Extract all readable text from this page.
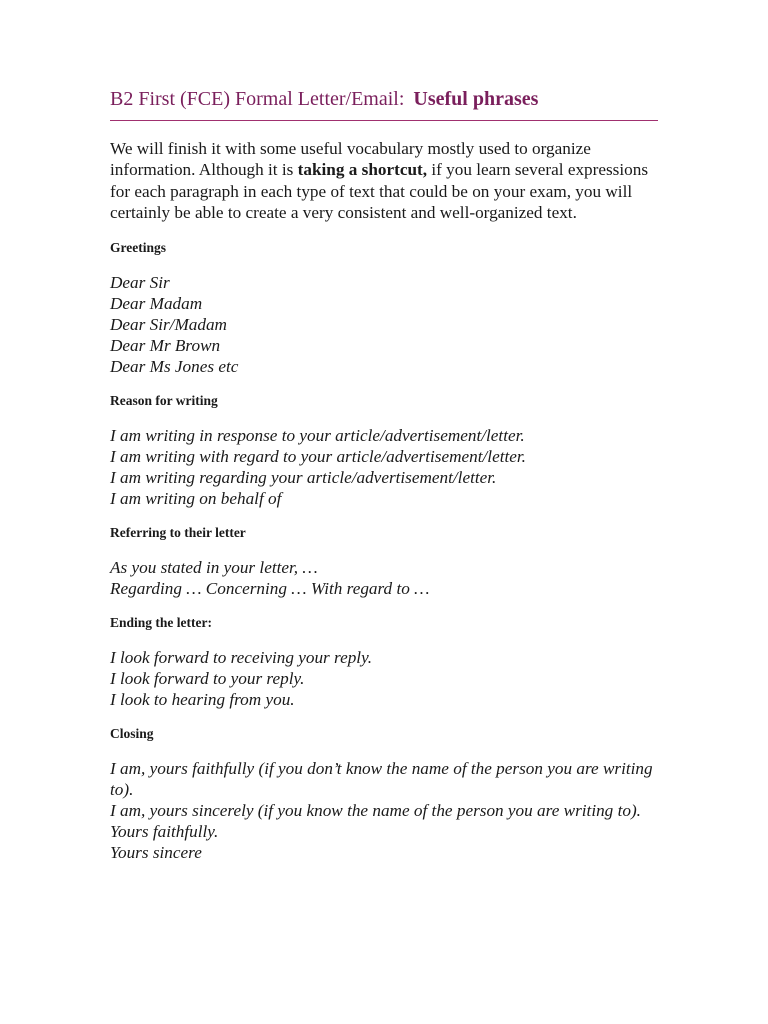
B2 First (FCE) Formal Letter/Email: Useful phrases
We will finish it with some useful vocabulary mostly used to organize information. Although it is taking a shortcut, if you learn several expressions for each paragraph in each type of text that could be on your exam, you will certainly be able to create a very consistent and well-organized text.
Greetings
Dear Sir
Dear Madam
Dear Sir/Madam
Dear Mr Brown
Dear Ms Jones etc
Reason for writing
I am writing in response to your article/advertisement/letter.
I am writing with regard to your article/advertisement/letter.
I am writing regarding your article/advertisement/letter.
I am writing on behalf of
Referring to their letter
As you stated in your letter, …
Regarding … Concerning … With regard to …
Ending the letter:
I look forward to receiving your reply.
I look forward to your reply.
I look to hearing from you.
Closing
I am, yours faithfully (if you don’t know the name of the person you are writing to).
I am, yours sincerely (if you know the name of the person you are writing to).
Yours faithfully.
Yours sincere
